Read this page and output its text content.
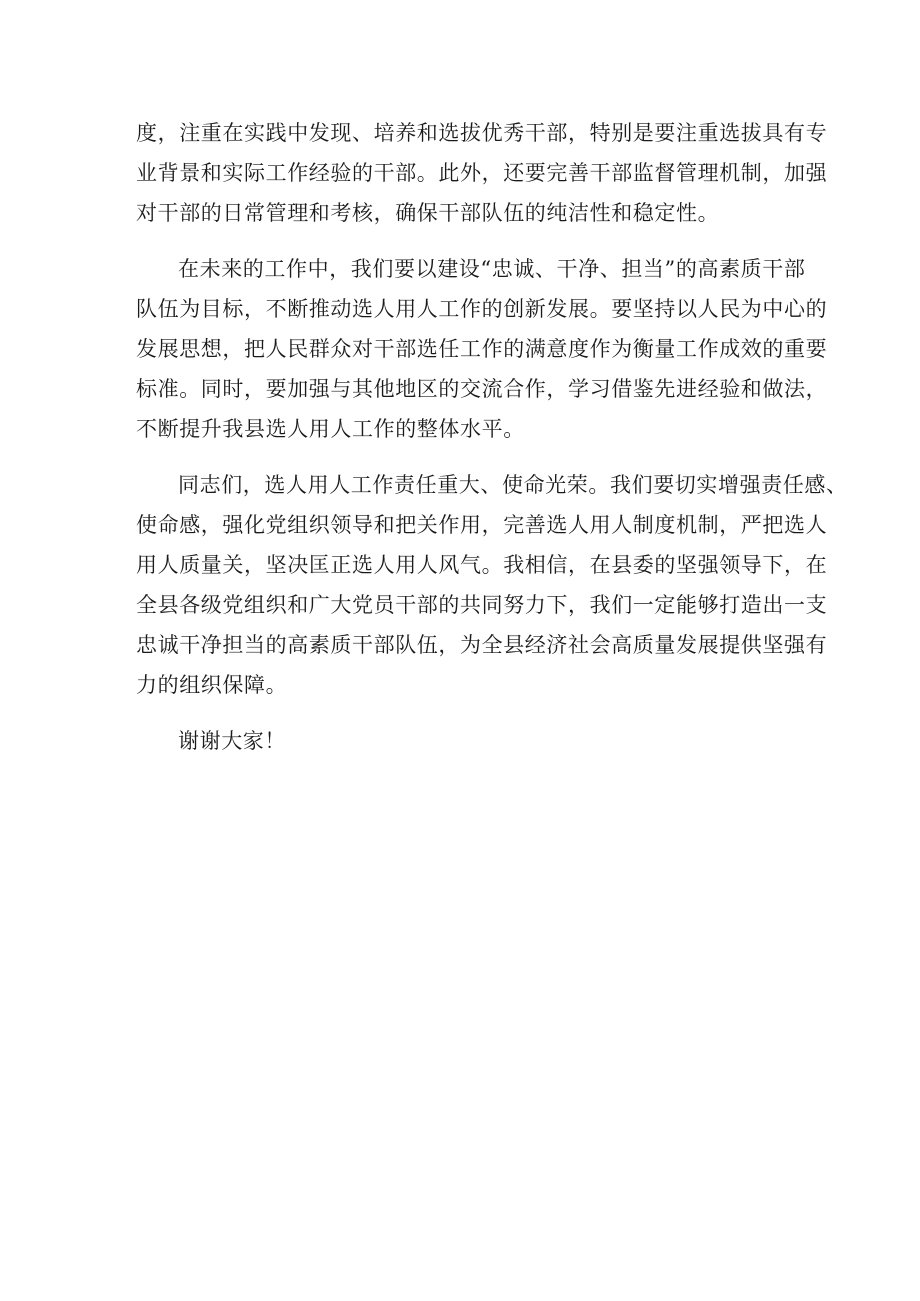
度，注重在实践中发现、培养和选拔优秀干部，特别是要注重选拔具有专
业背景和实际工作经验的干部。此外，还要完善干部监督管理机制，加强
对干部的日常管理和考核，确保干部队伍的纯洁性和稳定性。
在未来的工作中，我们要以建设“忠诚、干净、担当”的高素质干部
队伍为目标，不断推动选人用人工作的创新发展。要坚持以人民为中心的
发展思想，把人民群众对干部选任工作的满意度作为衡量工作成效的重要
标准。同时，要加强与其他地区的交流合作，学习借鉴先进经验和做法，
不断提升我县选人用人工作的整体水平。
同志们，选人用人工作责任重大、使命光荣。我们要切实增强责任感、
使命感，强化党组织领导和把关作用，完善选人用人制度机制，严把选人
用人质量关，坚决匡正选人用人风气。我相信，在县委的坚强领导下，在
全县各级党组织和广大党员干部的共同努力下，我们一定能够打造出一支
忠诚干净担当的高素质干部队伍，为全县经济社会高质量发展提供坚强有
力的组织保障。
谢谢大家！
